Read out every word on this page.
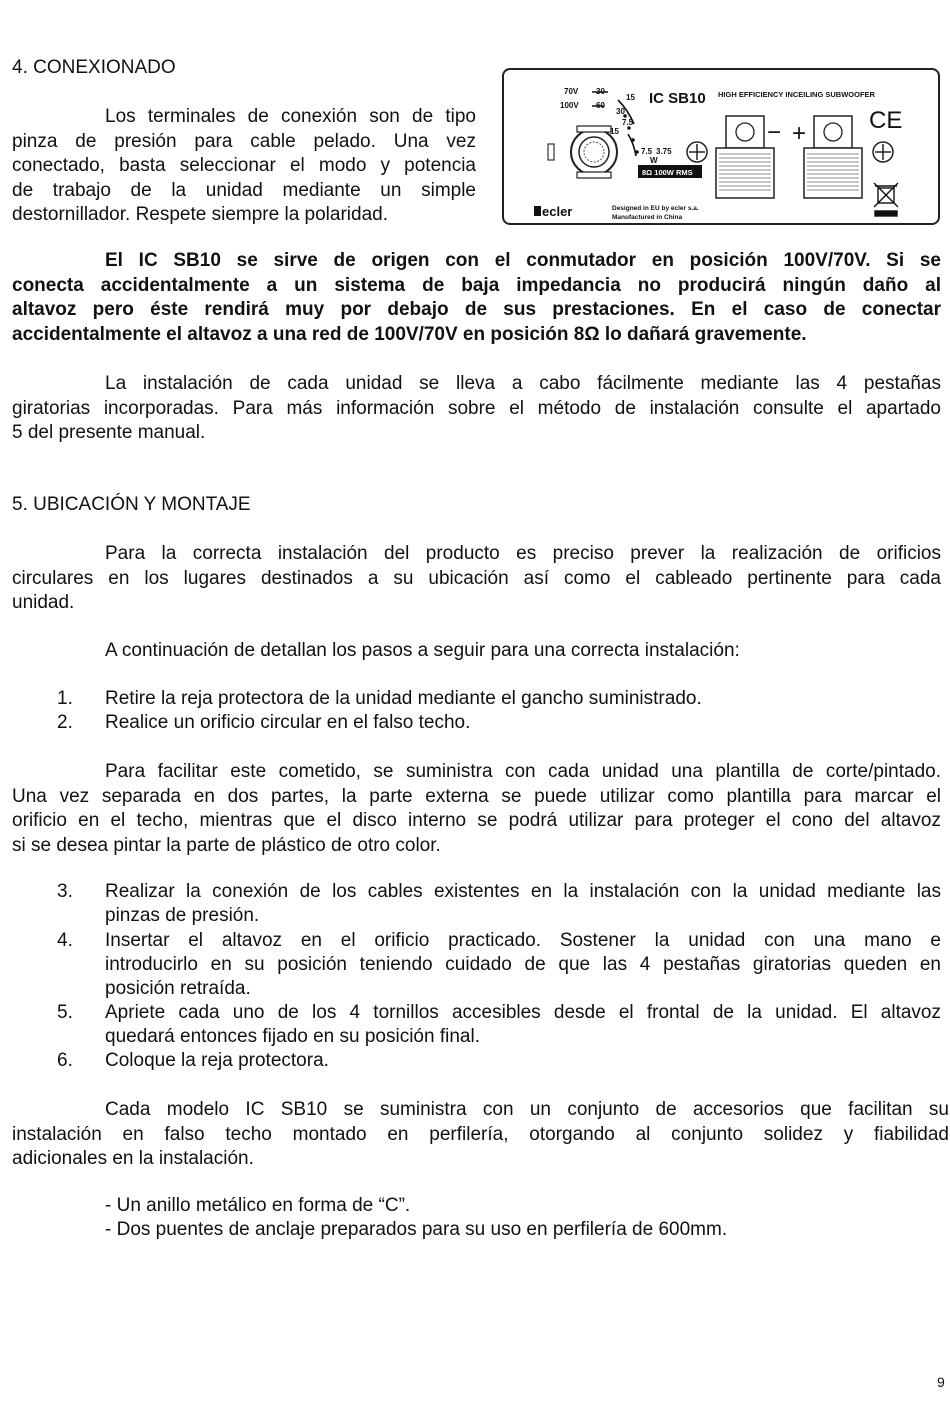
4. CONEXIONADO
Los terminales de conexión son de tipo
pinza de presión para cable pelado. Una vez
conectado, basta seleccionar el modo y potencia
de trabajo de la unidad mediante un simple
destornillador. Respete siempre la polaridad.
70V
100V
30
15
60
30
7.5
15
7.5 3.75
W
IC SB10 HIGH EFFICIENCY INCEILING SUBWOOFER
8Ω 100W RMS
− +	CE
ecler	Designed in EU by ecler s.a.
Manufactured in China
El IC SB10 se sirve de origen con el conmutador en posición 100V/70V. Si se
conecta accidentalmente a un sistema de baja impedancia no producirá ningún daño al
altavoz pero éste rendirá muy por debajo de sus prestaciones. En el caso de conectar
accidentalmente el altavoz a una red de 100V/70V en posición 8Ω lo dañará gravemente.
La instalación de cada unidad se lleva a cabo fácilmente mediante las 4 pestañas
giratorias incorporadas. Para más información sobre el método de instalación consulte el apartado
5 del presente manual.
5. UBICACIÓN Y MONTAJE
Para la correcta instalación del producto es preciso prever la realización de orificios
circulares en los lugares destinados a su ubicación así como el cableado pertinente para cada
unidad.
A continuación de detallan los pasos a seguir para una correcta instalación:
1.	Retire la reja protectora de la unidad mediante el gancho suministrado.
2.	Realice un orificio circular en el falso techo.
Para facilitar este cometido, se suministra con cada unidad una plantilla de corte/pintado.
Una vez separada en dos partes, la parte externa se puede utilizar como plantilla para marcar el
orificio en el techo, mientras que el disco interno se podrá utilizar para proteger el cono del altavoz
si se desea pintar la parte de plástico de otro color.
3.	Realizar la conexión de los cables existentes en la instalación con la unidad mediante las
pinzas de presión.
4.	Insertar el altavoz en el orificio practicado. Sostener la unidad con una mano e
introducirlo en su posición teniendo cuidado de que las 4 pestañas giratorias queden en
posición retraída.
5.	Apriete cada uno de los 4 tornillos accesibles desde el frontal de la unidad. El altavoz
quedará entonces fijado en su posición final.
6.	Coloque la reja protectora.
Cada modelo IC SB10 se suministra con un conjunto de accesorios que facilitan su
instalación en falso techo montado en perfilería, otorgando al conjunto solidez y fiabilidad
adicionales en la instalación.
- Un anillo metálico en forma de “C”.
- Dos puentes de anclaje preparados para su uso en perfilería de 600mm.
9
